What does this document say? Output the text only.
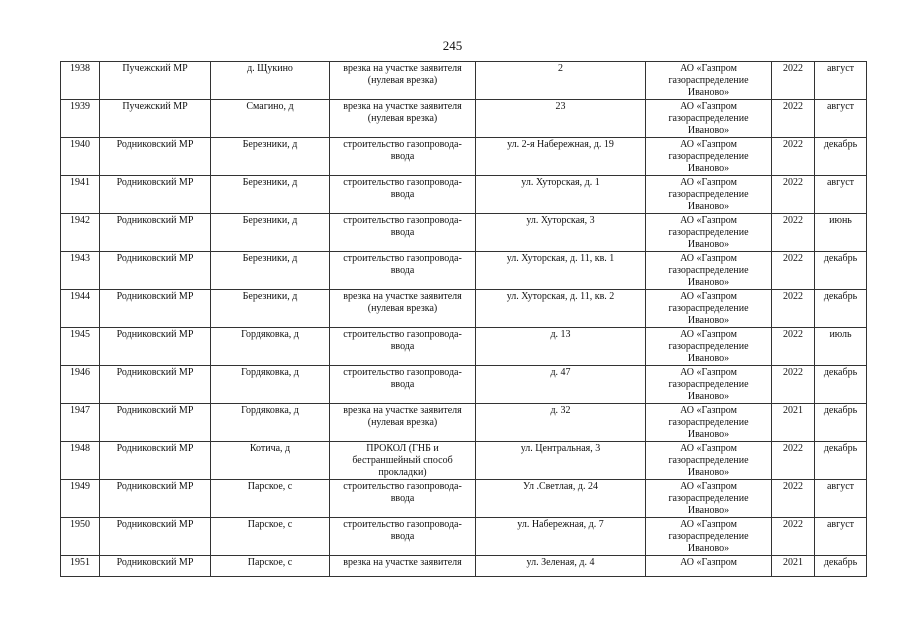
245
1938	Пучежский МР	д. Щукино	врезка на участке заявителя (нулевая врезка)	2	АО «Газпром газораспределение Иваново»	2022	август
1939	Пучежский МР	Смагино, д	врезка на участке заявителя (нулевая врезка)	23	АО «Газпром газораспределение Иваново»	2022	август
1940	Родниковский МР	Березники, д	строительство газопровода-ввода	ул. 2-я Набережная, д. 19	АО «Газпром газораспределение Иваново»	2022	декабрь
1941	Родниковский МР	Березники, д	строительство газопровода-ввода	ул. Хуторская, д. 1	АО «Газпром газораспределение Иваново»	2022	август
1942	Родниковский МР	Березники, д	строительство газопровода-ввода	ул. Хуторская, 3	АО «Газпром газораспределение Иваново»	2022	июнь
1943	Родниковский МР	Березники, д	строительство газопровода-ввода	ул. Хуторская, д. 11, кв. 1	АО «Газпром газораспределение Иваново»	2022	декабрь
1944	Родниковский МР	Березники, д	врезка на участке заявителя (нулевая врезка)	ул. Хуторская, д. 11, кв. 2	АО «Газпром газораспределение Иваново»	2022	декабрь
1945	Родниковский МР	Гордяковка, д	строительство газопровода-ввода	д. 13	АО «Газпром газораспределение Иваново»	2022	июль
1946	Родниковский МР	Гордяковка, д	строительство газопровода-ввода	д. 47	АО «Газпром газораспределение Иваново»	2022	декабрь
1947	Родниковский МР	Гордяковка, д	врезка на участке заявителя (нулевая врезка)	д. 32	АО «Газпром газораспределение Иваново»	2021	декабрь
1948	Родниковский МР	Котича, д	ПРОКОЛ (ГНБ и бестраншейный способ прокладки)	ул. Центральная, 3	АО «Газпром газораспределение Иваново»	2022	декабрь
1949	Родниковский МР	Парское, с	строительство газопровода-ввода	Ул .Светлая, д. 24	АО «Газпром газораспределение Иваново»	2022	август
1950	Родниковский МР	Парское, с	строительство газопровода-ввода	ул. Набережная, д. 7	АО «Газпром газораспределение Иваново»	2022	август
1951	Родниковский МР	Парское, с	врезка на участке заявителя	ул. Зеленая, д. 4	АО «Газпром	2021	декабрь
